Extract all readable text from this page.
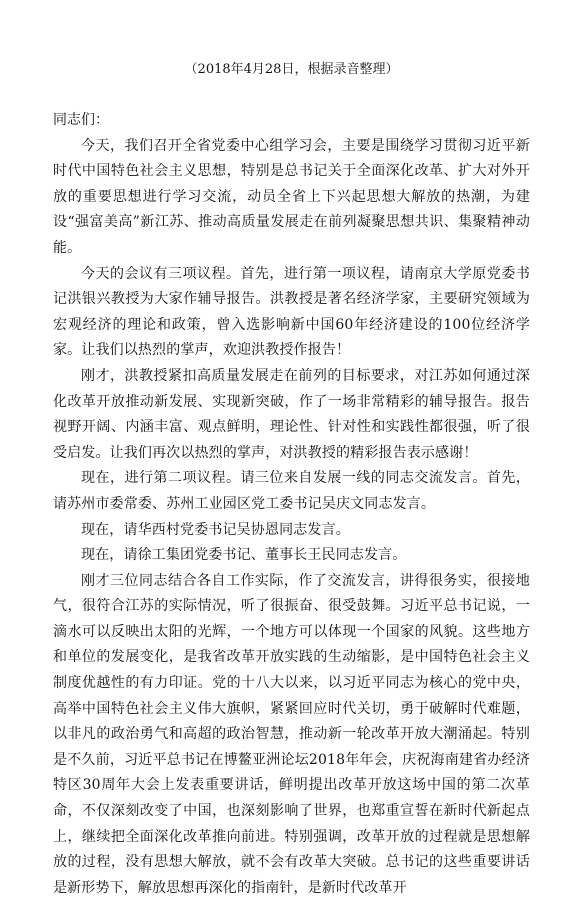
（2018年4月28日，根据录音整理）

同志们：

今天，我们召开全省党委中心组学习会，主要是围绕学习贯彻习近平新时代中国特色社会主义思想，特别是总书记关于全面深化改革、扩大对外开放的重要思想进行学习交流，动员全省上下兴起思想大解放的热潮，为建设“强富美高”新江苏、推动高质量发展走在前列凝聚思想共识、集聚精神动能。

今天的会议有三项议程。首先，进行第一项议程，请南京大学原党委书记洪银兴教授为大家作辅导报告。洪教授是著名经济学家，主要研究领域为宏观经济的理论和政策，曾入选影响新中国60年经济建设的100位经济学家。让我们以热烈的掌声，欢迎洪教授作报告！

刚才，洪教授紧扣高质量发展走在前列的目标要求，对江苏如何通过深化改革开放推动新发展、实现新突破，作了一场非常精彩的辅导报告。报告视野开阔、内涵丰富、观点鲜明，理论性、针对性和实践性都很强，听了很受启发。让我们再次以热烈的掌声，对洪教授的精彩报告表示感谢！

现在，进行第二项议程。请三位来自发展一线的同志交流发言。首先，请苏州市委常委、苏州工业园区党工委书记吴庆文同志发言。

现在，请华西村党委书记吴协恩同志发言。

现在，请徐工集团党委书记、董事长王民同志发言。

刚才三位同志结合各自工作实际，作了交流发言，讲得很务实，很接地气，很符合江苏的实际情况，听了很振奋、很受鼓舞。习近平总书记说，一滴水可以反映出太阳的光辉，一个地方可以体现一个国家的风貌。这些地方和单位的发展变化，是我省改革开放实践的生动缩影，是中国特色社会主义制度优越性的有力印证。党的十八大以来，以习近平同志为核心的党中央，高举中国特色社会主义伟大旗帜，紧紧回应时代关切，勇于破解时代难题，以非凡的政治勇气和高超的政治智慧，推动新一轮改革开放大潮涌起。特别是不久前，习近平总书记在博鳌亚洲论坛2018年年会，庆祝海南建省办经济特区30周年大会上发表重要讲话，鲜明提出改革开放这场中国的第二次革命，不仅深刻改变了中国，也深刻影响了世界，也郑重宣誓在新时代新起点上，继续把全面深化改革推向前进。特别强调，改革开放的过程就是思想解放的过程，没有思想大解放，就不会有改革大突破。总书记的这些重要讲话是新形势下，解放思想再深化的指南针，是新时代改革开
